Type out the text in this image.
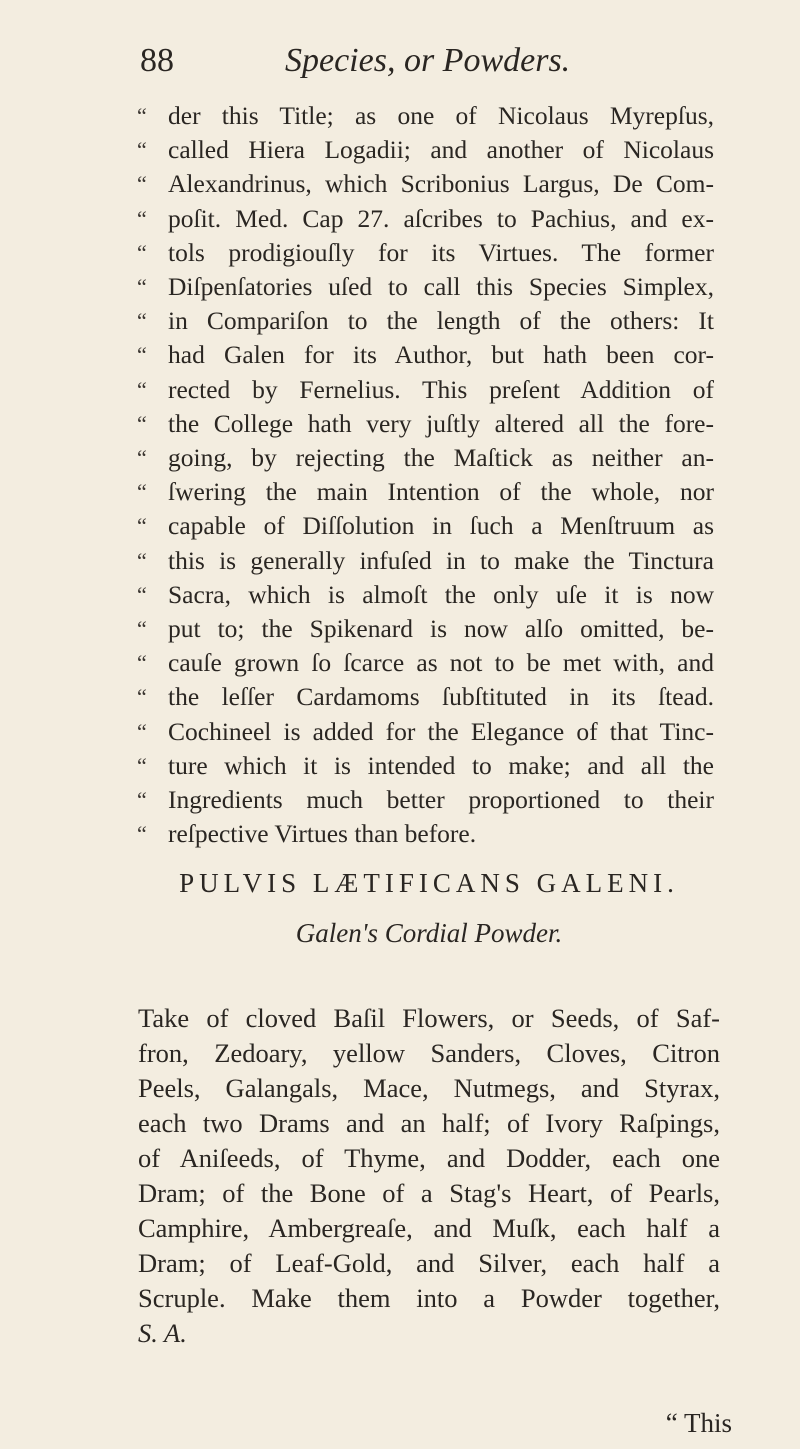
88	Species, or Powders.
“ der this Title; as one of Nicolaus Myrepſus,
“ called Hiera Logadii; and another of Nicolaus
“ Alexandrinus, which Scribonius Largus, De Com-
“ poſit. Med. Cap 27. aſcribes to Pachius, and ex-
“ tols prodigiouſly for its Virtues. The former
“ Diſpenſatories uſed to call this Species Simplex,
“ in Compariſon to the length of the others: It
“ had Galen for its Author, but hath been cor-
“ rected by Fernelius. This preſent Addition of
“ the College hath very juſtly altered all the fore-
“ going, by rejecting the Maſtick as neither an-
“ ſwering the main Intention of the whole, nor
“ capable of Diſſolution in ſuch a Menſtruum as
“ this is generally infuſed in to make the Tinctura
“ Sacra, which is almoſt the only uſe it is now
“ put to; the Spikenard is now alſo omitted, be-
“ cauſe grown ſo ſcarce as not to be met with, and
“ the leſſer Cardamoms ſubſtituted in its ſtead.
“ Cochineel is added for the Elegance of that Tinc-
“ ture which it is intended to make; and all the
“ Ingredients much better proportioned to their
“ reſpective Virtues than before.
PULVIS LÆTIFICANS GALENI.
Galen's Cordial Powder.
Take of cloved Baſil Flowers, or Seeds, of Saf-
fron, Zedoary, yellow Sanders, Cloves, Citron
Peels, Galangals, Mace, Nutmegs, and Styrax,
each two Drams and an half; of Ivory Raſpings,
of Aniſeeds, of Thyme, and Dodder, each one
Dram; of the Bone of a Stag's Heart, of Pearls,
Camphire, Ambergreaſe, and Muſk, each half a
Dram; of Leaf-Gold, and Silver, each half a
Scruple. Make them into a Powder together,
S. A.
“ This
